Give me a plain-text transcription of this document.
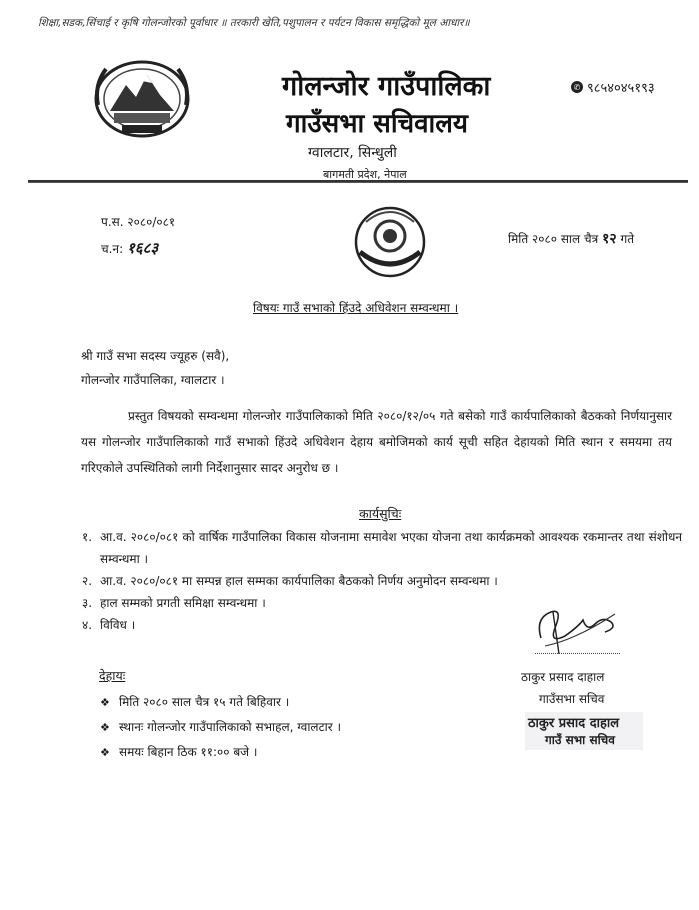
शिक्षा,सडक,सिंचाई र कृषि गोलन्जोरको पूर्वाधार ॥ तरकारी खेति,पशुपालन र पर्यटन विकास समृद्धिको मूल आधार॥
गोलन्जोर गाउँपालिका
गाउँसभा सचिवालय
ग्वालटार, सिन्धुली
बागमती प्रदेश, नेपाल
✆ ९८५४०४५१९३
प.स. २०८०/०८१
च.न: १६८३	मिति २०८० साल चैत्र १२ गते
विषयः गाउँ सभाको हिंउदे अधिवेशन सम्वन्धमा ।
श्री गाउँ सभा सदस्य ज्यूहरु (सवै),
गोलन्जोर गाउँपालिका, ग्वालटार ।

प्रस्तुत विषयको सम्वन्धमा गोलन्जोर गाउँपालिकाको मिति २०८०/१२/०५ गते बसेको गाउँ कार्यपालिकाको बैठकको निर्णयानुसार यस गोलन्जोर गाउँपालिकाको गाउँ सभाको हिंउदे अधिवेशन देहाय बमोजिमको कार्य सूची सहित देहायको मिति स्थान र समयमा तय गरिएकोले उपस्थितिको लागी निर्देशानुसार सादर अनुरोध छ ।

कार्यसुचिः
१. आ.व. २०८०/०८१ को वार्षिक गाउँपालिका विकास योजनामा समावेश भएका योजना तथा कार्यक्रमको आवश्यक रकमान्तर तथा संशोधन सम्वन्धमा ।
२. आ.व. २०८०/०८१ मा सम्पन्न हाल सम्मका कार्यपालिका बैठकको निर्णय अनुमोदन सम्वन्धमा ।
३. हाल सम्मको प्रगती समिक्षा सम्वन्धमा ।
४. विविध ।
देहायः
❖ मिति २०८० साल चैत्र १५ गते बिहिवार ।
❖ स्थानः गोलन्जोर गाउँपालिकाको सभाहल, ग्वालटार ।
❖ समयः बिहान ठिक ११:०० बजे ।
ठाकुर प्रसाद दाहाल
गाउँसभा सचिव
ठाकुर प्रसाद दाहाल
गाउँ सभा सचिव
